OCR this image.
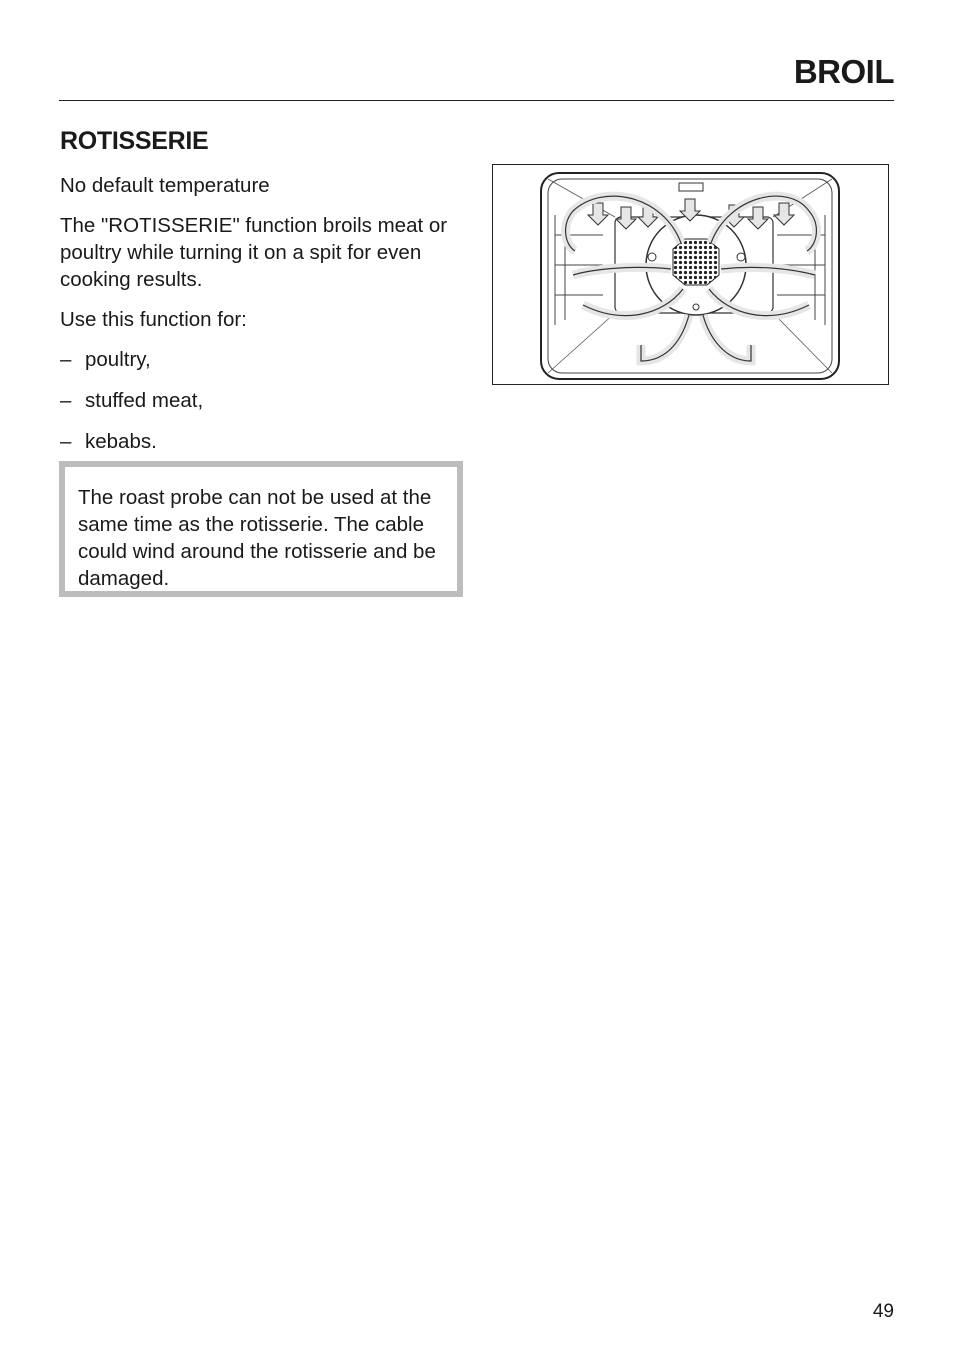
BROIL
ROTISSERIE

No default temperature

The "ROTISSERIE" function broils meat or poultry while turning it on a spit for even cooking results.

Use this function for:

– poultry,
– stuffed meat,
– kebabs.

The roast probe can not be used at the same time as the rotisserie. The cable could wind around the rotisserie and be damaged.

49
